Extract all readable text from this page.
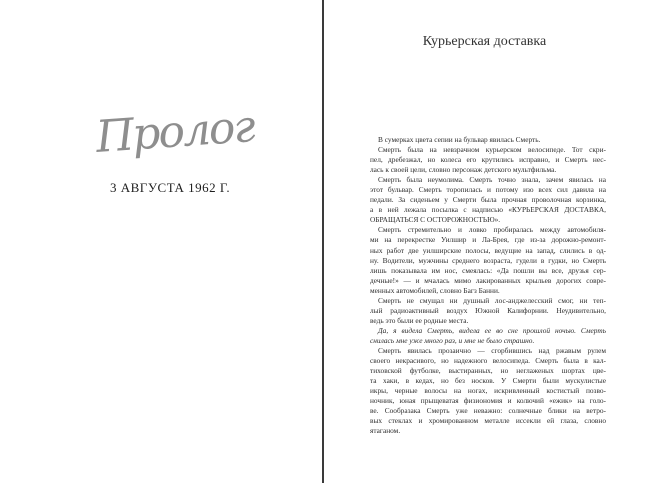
Пролог
3 АВГУСТА 1962 Г.
Курьерская доставка
В сумерках цвета сепии на бульвар явилась Смерть.
Смерть была на невзрачном курьерском велосипеде. Тот скри-
пел, дребезжал, но колеса его крутились исправно, и Смерть нес-
лась к своей цели, словно персонаж детского мультфильма.
Смерть была неумолима. Смерть точно знала, зачем явилась на
этот бульвар. Смерть торопилась и потому изо всех сил давила на
педали. За сиденьем у Смерти была прочная проволочная корзинка,
а в ней лежала посылка с надписью «КУРЬЕРСКАЯ ДОСТАВКА,
ОБРАЩАТЬСЯ С ОСТОРОЖНОСТЬЮ».
Смерть стремительно и ловко пробиралась между автомобиля-
ми на перекрестке Уилшир и Ла-Брея, где из-за дорожно-ремонт-
ных работ две уилширские полосы, ведущие на запад, слились в од-
ну. Водители, мужчины среднего возраста, гудели в гудки, но Смерть
лишь показывала им нос, смеялась: «Да пошли вы все, друзья сер-
дечные!» — и мчалась мимо лакированных крыльев дорогих совре-
менных автомобилей, словно Багз Банни.
Смерть не смущал ни душный лос-анджелесский смог, ни теп-
лый радиоактивный воздух Южной Калифорнии. Неудивительно,
ведь это были ее родные места.
Да, я видела Смерть, видела ее во сне прошлой ночью. Смерть
снилась мне уже много раз, и мне не было страшно.
Смерть явилась прозаично — сгорбившись над ржавым рулем
своего некрасивого, но надежного велосипеда. Смерть была в кал-
тиховской футболке, выстиранных, но неглаженых шортах цве-
та хаки, в кедах, но без носков. У Смерти были мускулистые
икры, черные волосы на ногах, искривленный костистый позво-
ночник, юная прыщеватая физиономия и колючий «ежик» на голо-
ве. Сообразака Смерть уже неважно: солнечные блики на ветро-
вых стеклах и хромированном металле иссекли ей глаза, словно
ятаганом.
